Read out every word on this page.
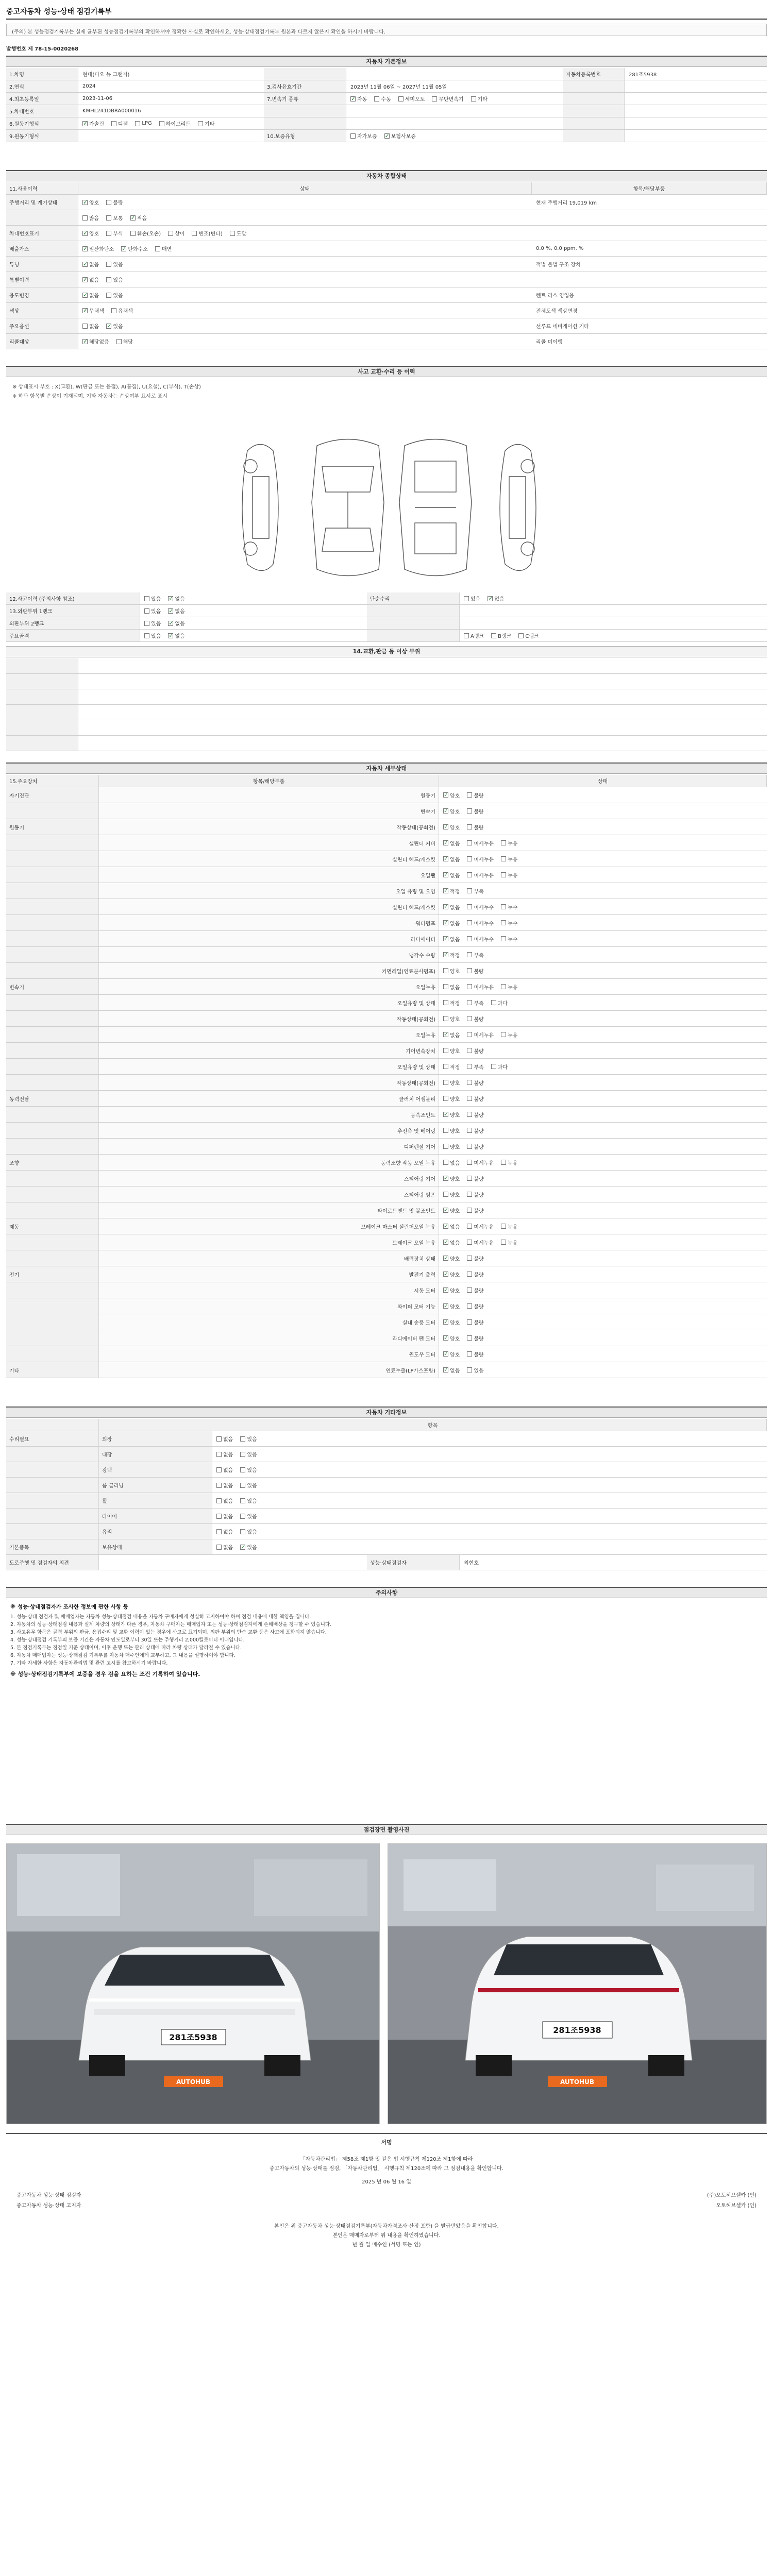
중고자동차 성능·상태 점검기록부
(주의) 본 성능점검기록부는 실제 균부된 성능점검기록부의 확인하셔야 정확한 사실로 확인하세요. 성능·상태점검기록부 원본과 다르지 않은지 확인을 하시기 바랍니다.
발행번호 제 78-15-0020268
자동차 기본정보
1.차명	현대(디오 뉴 그랜저)	자동차등록번호	281조5938
2.연식	2024	3.검사유효기간	2023년 11월 06일 ~ 2027년 11월 05일
4.최초등록일	2023-11-06	7.변속기 종류 ✓	자동	수동	세미오토	무단변속기	기타
5.차대번호	KMHL241DBRA000016
6.원동기형식 ✓	가솔린	디젤	LPG	하이브리드	기타
9.원동기형식	10.보증유형	자가보증 ✓	보험사보증
자동차 종합상태
11.사용이력	상태	항목/해당부품
주행거리 및 계기상태 ✓	양호	불량	현재 주행거리 19,019 km
많음	보통 ✓	적음
차대번호표기 ✓	양호	부식	훼손(오손)	상이	변조(변타)	도말
배출가스 ✓	일산화탄소 ✓	탄화수소	매연	0.0 %, 0.0 ppm, %
튜닝 ✓	없음	있음	적법 불법 구조 장치
특별이력 ✓	없음	있음
용도변경 ✓	없음	있음	렌트 리스 영업용
색상 ✓	무채색	유채색	전체도색 색상변경
주요옵션	없음 ✓	있음	선루프 네비게이션 기타
리콜대상 ✓	해당없음	해당	리콜 미이행
사고 교환·수리 등 이력
※ 상태표시 부호 : X(교환), W(판금 또는 용접), A(흠집), U(요철), C(부식), T(손상)
※ 하단 항목별 손상이 기재되며, 기타 자동차는 손상여부 표시로 표시
12.사고이력 (주의사항 참조)	있음 ✓	없음	단순수리	있음 ✓	없음
13.외판부위 1랭크	있음 ✓	없음
외판부위 2랭크	있음 ✓	없음
주요골격	있음 ✓	없음	A랭크	B랭크	C랭크
14.교환,판금 등 이상 부위
자동차 세부상태
15.주요장치	항목/해당부품	상태
자기진단	원동기 ✓	양호	불량
변속기 ✓	양호	불량
원동기	작동상태(공회전) ✓	양호	불량
실린더 커버 ✓	없음	미세누유	누유
실린더 헤드/개스킷 ✓	없음	미세누유	누유
오일팬 ✓	없음	미세누유	누유
오일 유량 및 오염 ✓	적정	부족
실린더 헤드/개스킷 ✓	없음	미세누수	누수
워터펌프 ✓	없음	미세누수	누수
라디에이터 ✓	없음	미세누수	누수
냉각수 수량 ✓	적정	부족
커먼레일(연료분사펌프)	양호	불량
변속기	오일누유	없음	미세누유	누유
오일유량 및 상태	적정	부족	과다
작동상태(공회전)	양호	불량
오일누유 ✓	없음	미세누유	누유
기어변속장치	양호	불량
오일유량 및 상태	적정	부족	과다
작동상태(공회전)	양호	불량
동력전달	클러치 어셈블리	양호	불량
등속조인트 ✓	양호	불량
추진축 및 베어링	양호	불량
디퍼렌셜 기어	양호	불량
조향	동력조향 작동 오일 누유	없음	미세누유	누유
스티어링 기어 ✓	양호	불량
스티어링 펌프	양호	불량
타이로드엔드 및 볼조인트 ✓	양호	불량
제동	브레이크 마스터 실린더오일 누유 ✓	없음	미세누유	누유
브레이크 오일 누유 ✓	없음	미세누유	누유
배력장치 상태 ✓	양호	불량
전기	발전기 출력 ✓	양호	불량
시동 모터 ✓	양호	불량
와이퍼 모터 기능 ✓	양호	불량
실내 송풍 모터 ✓	양호	불량
라디에이터 팬 모터 ✓	양호	불량
윈도우 모터 ✓	양호	불량
기타	연료누출(LP가스포함) ✓	없음	있음
자동차 기타정보
항목
수리필요	외장	없음	있음
내장	없음	있음
광택	없음	있음
룸 클리닝	없음	있음
휠	없음	있음
타이어	없음	있음
유리	없음	있음
기본품목	보유상태	없음 ✓	있음
도로주행 및 점검자의 의견	성능·상태점검자	최현호
주의사항
※ 성능·상태점검자가 조사한 정보에 관한 사항 등
1. 성능·상태 점검자 및 매매업자는 자동차 성능·상태점검 내용을 자동차 구매자에게 성실히 고지하여야 하며 점검 내용에 대한 책임을 집니다.
2. 자동차의 성능·상태점검 내용과 실제 차량의 상태가 다른 경우, 자동차 구매자는 매매업자 또는 성능·상태점검자에게 손해배상을 청구할 수 있습니다.
3. 사고유무 항목은 골격 부위의 판금, 용접수리 및 교환 이력이 있는 경우에 사고로 표기되며, 외판 부위의 단순 교환 등은 사고에 포함되지 않습니다.
4. 성능·상태점검 기록부의 보증 기간은 자동차 인도일로부터 30일 또는 주행거리 2,000킬로미터 이내입니다.
5. 본 점검기록부는 점검일 기준 상태이며, 이후 운행 또는 관리 상태에 따라 차량 상태가 달라질 수 있습니다.
6. 자동차 매매업자는 성능·상태점검 기록부를 자동차 매수인에게 교부하고, 그 내용을 설명하여야 합니다.
7. 기타 자세한 사항은 자동차관리법 및 관련 고시를 참고하시기 바랍니다.
※ 성능·상태점검기록부에 보증을 경우 검을 요하는 조건 기록하여 있습니다.
점검장면 촬영사진
281조5938
AUTOHUB
281조5938
AUTOHUB
서명
「자동차관리법」 제58조 제1항 및 같은 법 시행규칙 제120조 제1항에 따라
중고자동차의 성능·상태를 점검, 「자동차관리법」 시행규칙 제120조에 따라 그 점검내용을 확인합니다.
2025 년 06 월 16 일
중고자동차 성능·상태 점검자	(주)오토허브셀카 (인)
중고자동차 성능·상태 고지자	오토허브셀카 (인)
본인은 위 중고자동차 성능·상태점검기록부(자동차가격조사·산정 포함) 을 발급받았음을 확인합니다.
본인은 매매자로부터 위 내용을 확인하였습니다.
년 월 일 매수인 (서명 또는 인)
